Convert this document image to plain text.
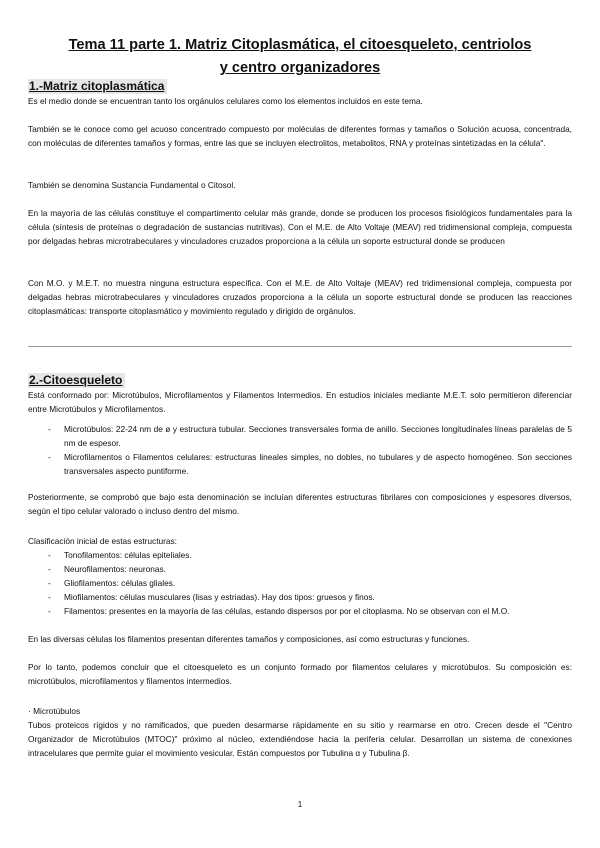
Tema 11 parte 1. Matriz Citoplasmática, el citoesqueleto, centriolos
y centro organizadores
1.-Matriz citoplasmática
Es el medio donde se encuentran tanto los orgánulos celulares como los elementos incluidos en este tema.
También se le conoce como gel acuoso concentrado compuesto por moléculas de diferentes formas y tamaños o Solución acuosa, concentrada, con moléculas de diferentes tamaños y formas, entre las que se incluyen electrolitos, metabolitos, RNA y proteínas sintetizadas en la célula".
También se denomina Sustancia Fundamental o Citosol.
En la mayoría de las células constituye el compartimento celular más grande, donde se producen los procesos fisiológicos fundamentales para la célula (síntesis de proteínas o degradación de sustancias nutritivas). Con el M.E. de Alto Voltaje (MEAV) red tridimensional compleja, compuesta por delgadas hebras microtrabeculares y vinculadores cruzados proporciona a la célula un soporte estructural donde se producen
Con M.O. y M.E.T. no muestra ninguna estructura específica. Con el M.E. de Alto Voltaje (MEAV) red tridimensional compleja, compuesta por delgadas hebras microtrabeculares y vinculadores cruzados proporciona a la célula un soporte estructural donde se producen las reacciones citoplasmáticas: transporte citoplasmático y movimiento regulado y dirigido de orgánulos.
2.-Citoesqueleto
Está conformado por: Microtúbulos, Microfilamentos y Filamentos Intermedios. En estudios iniciales mediante M.E.T. solo permitieron diferenciar entre Microtúbulos y Microfilamentos.
- Microtúbulos: 22-24 nm de ø y estructura tubular. Secciones transversales forma de anillo. Secciones longitudinales líneas paralelas de 5 nm de espesor.
- Microfilamentos o Filamentos celulares: estructuras lineales simples, no dobles, no tubulares y de aspecto homogéneo. Son secciones transversales aspecto puntiforme.
Posteriormente, se comprobó que bajo esta denominación se incluían diferentes estructuras fibrilares con composiciones y espesores diversos, según el tipo celular valorado o incluso dentro del mismo.
Clasificación inicial de estas estructuras:
- Tonofilamentos: células epiteliales.
- Neurofilamentos: neuronas.
- Gliofilamentos: células gliales.
- Miofilamentos: células musculares (lisas y estriadas). Hay dos tipos: gruesos y finos.
- Filamentos: presentes en la mayoría de las células, estando dispersos por por el citoplasma. No se observan con el M.O.
En las diversas células los filamentos presentan diferentes tamaños y composiciones, así como estructuras y funciones.
Por lo tanto, podemos concluir que el citoesqueleto es un conjunto formado por filamentos celulares y microtúbulos. Su composición es: microtúbulos, microfilamentos y filamentos intermedios.
· Microtúbulos
Tubos proteicos rígidos y no ramificados, que pueden desarmarse rápidamente en su sitio y rearmarse en otro. Crecen desde el "Centro Organizador de Microtúbulos (MTOC)" próximo al núcleo, extendiéndose hacia la periferia celular. Desarrollan un sistema de conexiones intracelulares que permite guiar el movimiento vesicular. Están compuestos por Tubulina α y Tubulina β.
1
